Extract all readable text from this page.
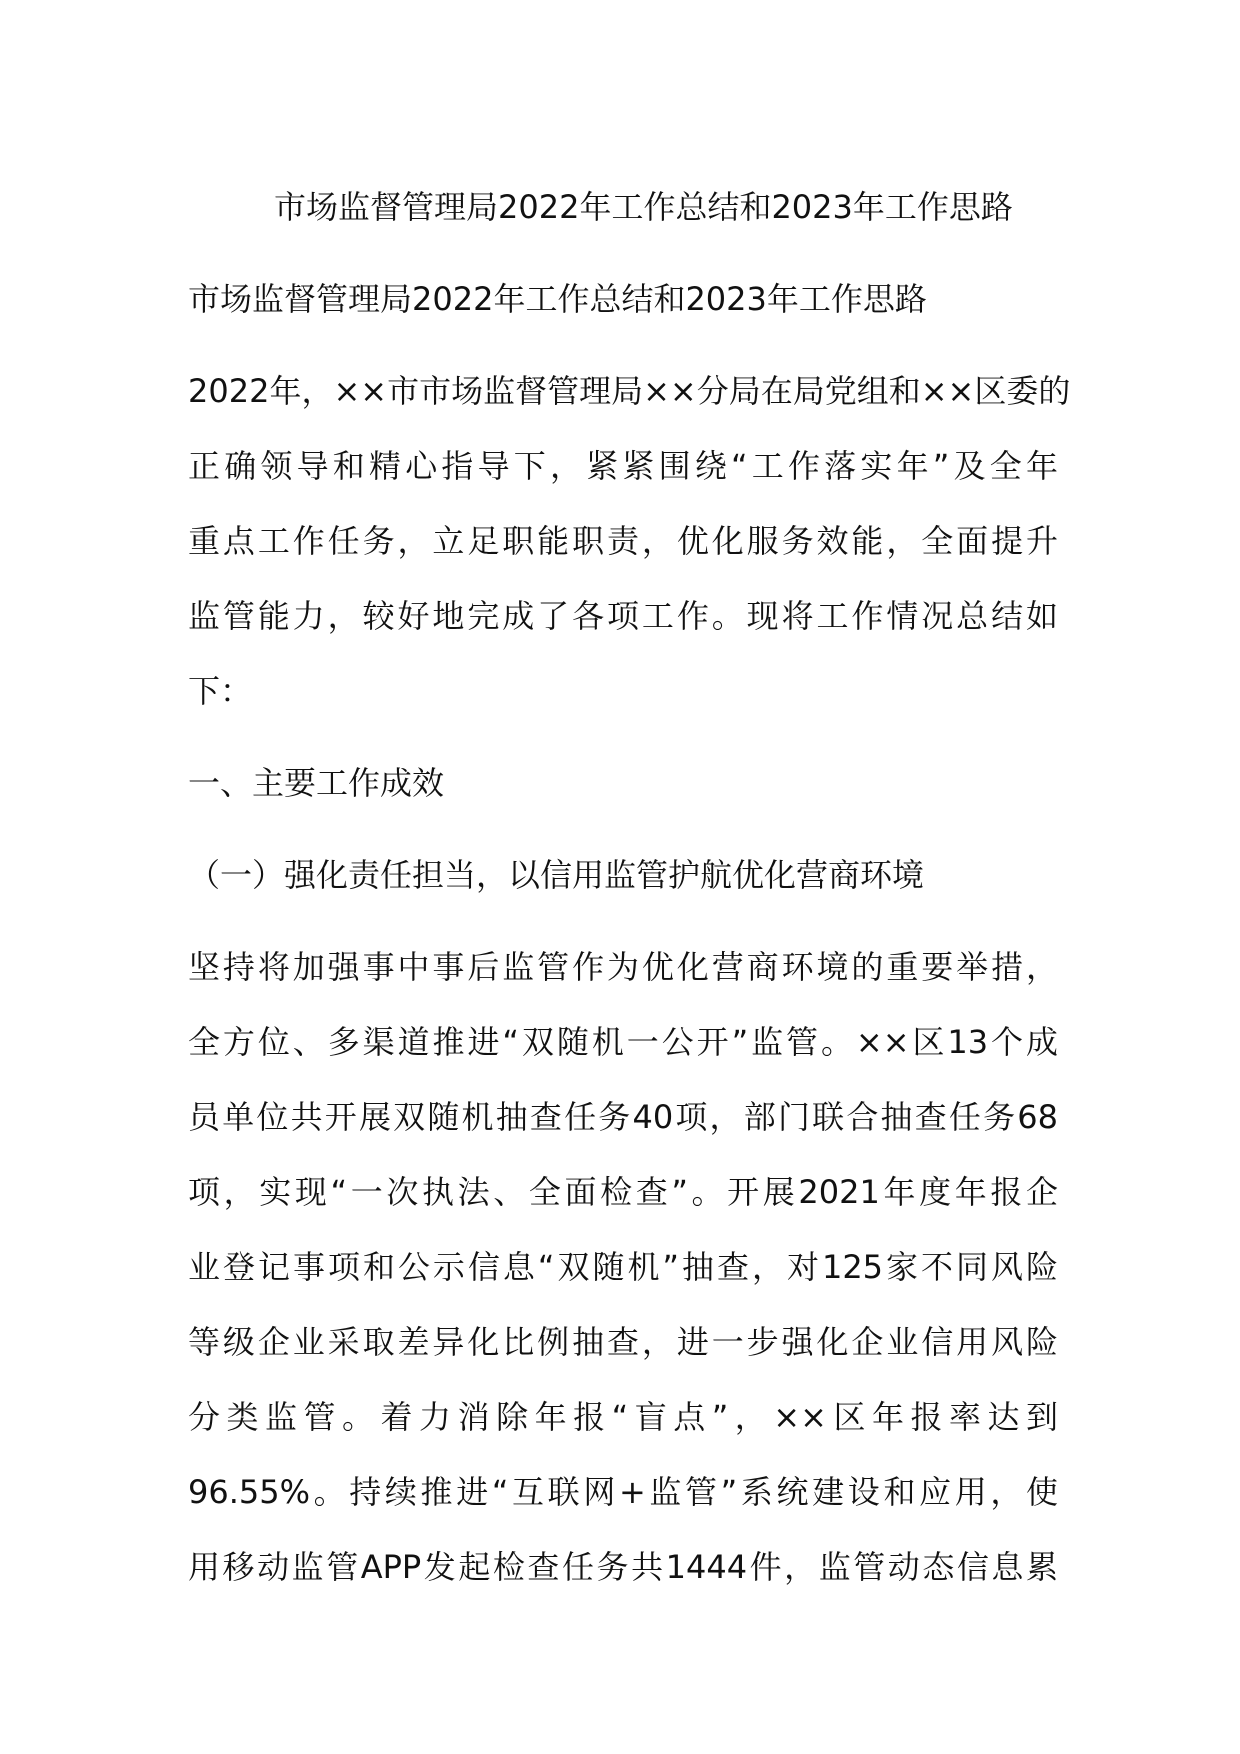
市场监督管理局2022年工作总结和2023年工作思路
市场监督管理局2022年工作总结和2023年工作思路
2022年，××市市场监督管理局××分局在局党组和××区委的
正确领导和精心指导下，紧紧围绕“工作落实年”及全年
重点工作任务，立足职能职责，优化服务效能，全面提升
监管能力，较好地完成了各项工作。现将工作情况总结如
下：
一、主要工作成效
（一）强化责任担当，以信用监管护航优化营商环境
坚持将加强事中事后监管作为优化营商环境的重要举措，
全方位、多渠道推进“双随机一公开”监管。××区13个成
员单位共开展双随机抽查任务40项，部门联合抽查任务68
项，实现“一次执法、全面检查”。开展2021年度年报企
业登记事项和公示信息“双随机”抽查，对125家不同风险
等级企业采取差异化比例抽查，进一步强化企业信用风险
分类监管。着力消除年报“盲点”，××区年报率达到
96.55%。持续推进“互联网+监管”系统建设和应用，使
用移动监管APP发起检查任务共1444件，监管动态信息累
